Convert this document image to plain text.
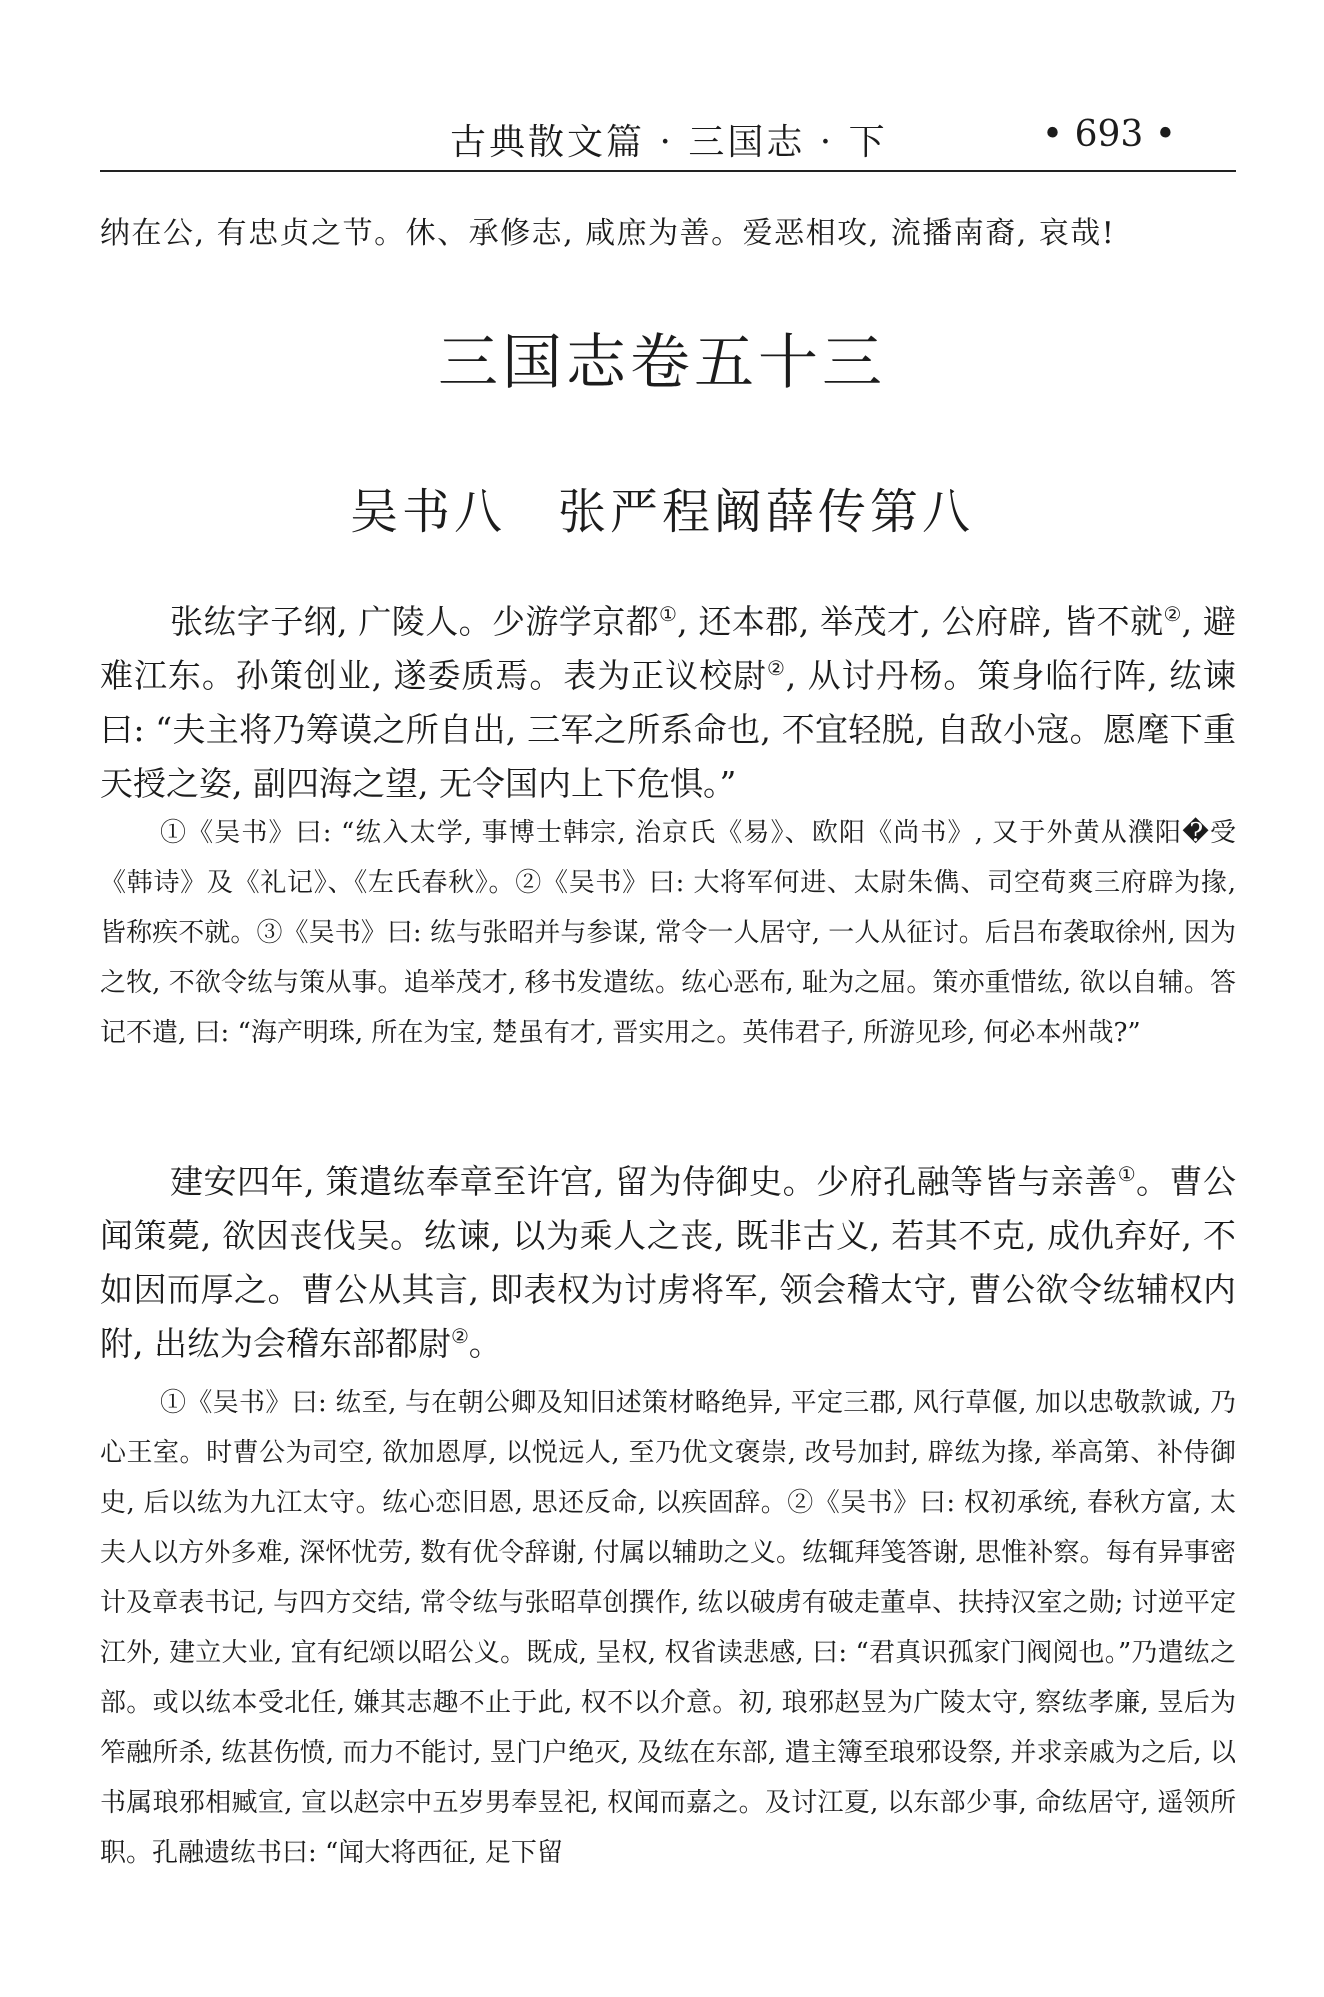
古典散文篇 · 三国志 · 下	• 693 •
纳在公, 有忠贞之节。休、承修志, 咸庶为善。爱恶相攻, 流播南裔, 哀哉!
三国志卷五十三
吴书八　张严程阚薛传第八

张纮字子纲, 广陵人。少游学京都①, 还本郡, 举茂才, 公府辟, 皆不就②, 避难江东。孙策创业, 遂委质焉。表为正议校尉②, 从讨丹杨。策身临行阵, 纮谏曰: “夫主将乃筹谟之所自出, 三军之所系命也, 不宜轻脱, 自敌小寇。愿麾下重天授之姿, 副四海之望, 无令国内上下危惧。”

①《吴书》曰: “纮入太学, 事博士韩宗, 治京氏《易》、欧阳《尚书》, 又于外黄从濮阳�受《韩诗》及《礼记》、《左氏春秋》。②《吴书》曰: 大将军何进、太尉朱儁、司空荀爽三府辟为掾, 皆称疾不就。③《吴书》曰: 纮与张昭并与参谋, 常令一人居守, 一人从征讨。后吕布袭取徐州, 因为之牧, 不欲令纮与策从事。追举茂才, 移书发遣纮。纮心恶布, 耻为之屈。策亦重惜纮, 欲以自辅。答记不遣, 曰: “海产明珠, 所在为宝, 楚虽有才, 晋实用之。英伟君子, 所游见珍, 何必本州哉?”

建安四年, 策遣纮奉章至许宫, 留为侍御史。少府孔融等皆与亲善①。曹公闻策薨, 欲因丧伐吴。纮谏, 以为乘人之丧, 既非古义, 若其不克, 成仇弃好, 不如因而厚之。曹公从其言, 即表权为讨虏将军, 领会稽太守, 曹公欲令纮辅权内附, 出纮为会稽东部都尉②。

①《吴书》曰: 纮至, 与在朝公卿及知旧述策材略绝异, 平定三郡, 风行草偃, 加以忠敬款诚, 乃心王室。时曹公为司空, 欲加恩厚, 以悦远人, 至乃优文褒崇, 改号加封, 辟纮为掾, 举高第、补侍御史, 后以纮为九江太守。纮心恋旧恩, 思还反命, 以疾固辞。②《吴书》曰: 权初承统, 春秋方富, 太夫人以方外多难, 深怀忧劳, 数有优令辞谢, 付属以辅助之义。纮辄拜笺答谢, 思惟补察。每有异事密计及章表书记, 与四方交结, 常令纮与张昭草创撰作, 纮以破虏有破走董卓、扶持汉室之勋; 讨逆平定江外, 建立大业, 宜有纪颂以昭公义。既成, 呈权, 权省读悲感, 曰: “君真识孤家门阀阅也。”乃遣纮之部。或以纮本受北任, 嫌其志趣不止于此, 权不以介意。初, 琅邪赵昱为广陵太守, 察纮孝廉, 昱后为笮融所杀, 纮甚伤愤, 而力不能讨, 昱门户绝灭, 及纮在东部, 遣主簿至琅邪设祭, 并求亲戚为之后, 以书属琅邪相臧宣, 宣以赵宗中五岁男奉昱祀, 权闻而嘉之。及讨江夏, 以东部少事, 命纮居守, 遥领所职。孔融遗纮书曰: “闻大将西征, 足下留
